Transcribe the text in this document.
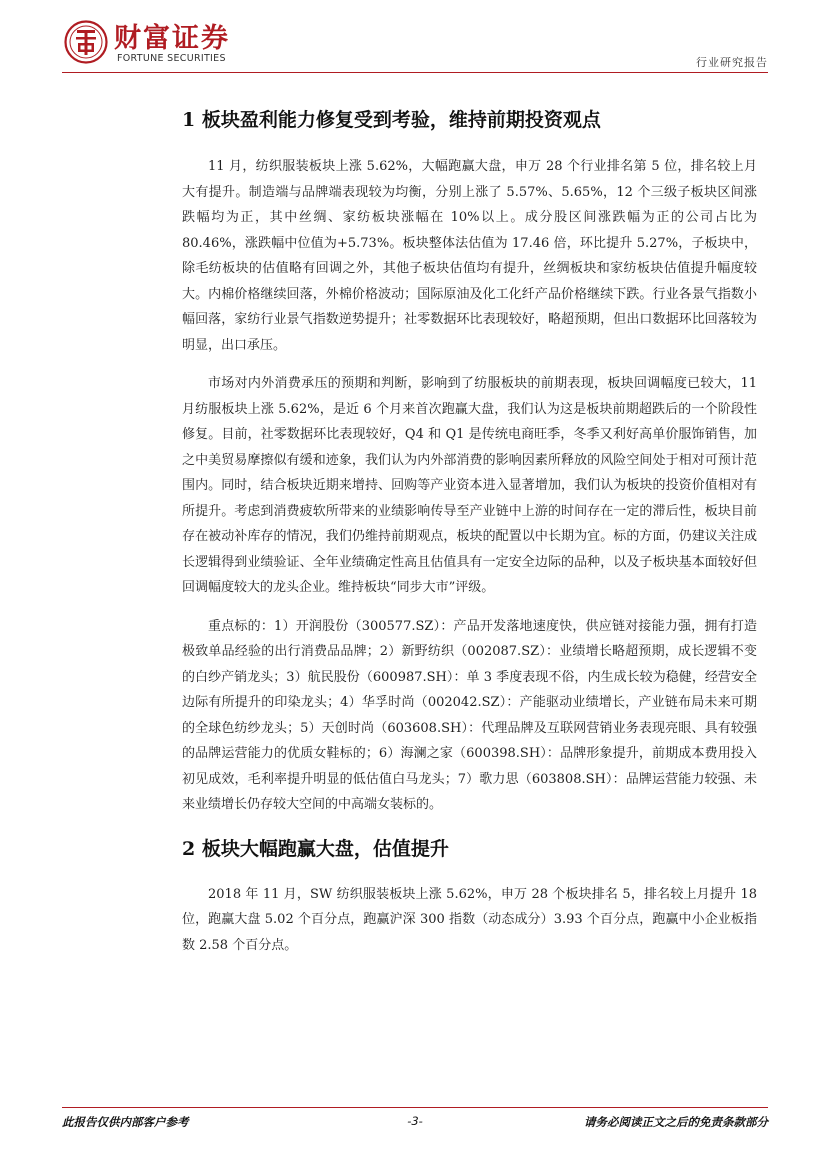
财富证券
FORTUNE SECURITIES	行业研究报告
1 板块盈利能力修复受到考验，维持前期投资观点

11 月，纺织服装板块上涨 5.62%，大幅跑赢大盘，申万 28 个行业排名第 5 位，排名较上月大有提升。制造端与品牌端表现较为均衡，分别上涨了 5.57%、5.65%，12 个三级子板块区间涨跌幅均为正，其中丝绸、家纺板块涨幅在 10%以上。成分股区间涨跌幅为正的公司占比为 80.46%，涨跌幅中位值为+5.73%。板块整体法估值为 17.46 倍，环比提升 5.27%，子板块中，除毛纺板块的估值略有回调之外，其他子板块估值均有提升，丝绸板块和家纺板块估值提升幅度较大。内棉价格继续回落，外棉价格波动；国际原油及化工化纤产品价格继续下跌。行业各景气指数小幅回落，家纺行业景气指数逆势提升；社零数据环比表现较好，略超预期，但出口数据环比回落较为明显，出口承压。

市场对内外消费承压的预期和判断，影响到了纺服板块的前期表现，板块回调幅度已较大，11 月纺服板块上涨 5.62%，是近 6 个月来首次跑赢大盘，我们认为这是板块前期超跌后的一个阶段性修复。目前，社零数据环比表现较好，Q4 和 Q1 是传统电商旺季，冬季又利好高单价服饰销售，加之中美贸易摩擦似有缓和迹象，我们认为内外部消费的影响因素所释放的风险空间处于相对可预计范围内。同时，结合板块近期来增持、回购等产业资本进入显著增加，我们认为板块的投资价值相对有所提升。考虑到消费疲软所带来的业绩影响传导至产业链中上游的时间存在一定的滞后性，板块目前存在被动补库存的情况，我们仍维持前期观点，板块的配置以中长期为宜。标的方面，仍建议关注成长逻辑得到业绩验证、全年业绩确定性高且估值具有一定安全边际的品种，以及子板块基本面较好但回调幅度较大的龙头企业。维持板块“同步大市”评级。

重点标的：1）开润股份（300577.SZ）：产品开发落地速度快，供应链对接能力强，拥有打造极致单品经验的出行消费品品牌；2）新野纺织（002087.SZ）：业绩增长略超预期，成长逻辑不变的白纱产销龙头；3）航民股份（600987.SH）：单 3 季度表现不俗，内生成长较为稳健，经营安全边际有所提升的印染龙头；4）华孚时尚（002042.SZ）：产能驱动业绩增长，产业链布局未来可期的全球色纺纱龙头；5）天创时尚（603608.SH）：代理品牌及互联网营销业务表现亮眼、具有较强的品牌运营能力的优质女鞋标的；6）海澜之家（600398.SH）：品牌形象提升，前期成本费用投入初见成效，毛利率提升明显的低估值白马龙头；7）歌力思（603808.SH）：品牌运营能力较强、未来业绩增长仍存较大空间的中高端女装标的。

2 板块大幅跑赢大盘，估值提升

2018 年 11 月，SW 纺织服装板块上涨 5.62%，申万 28 个板块排名 5，排名较上月提升 18 位，跑赢大盘 5.02 个百分点，跑赢沪深 300 指数（动态成分）3.93 个百分点，跑赢中小企业板指数 2.58 个百分点。

此报告仅供内部客户参考	-3-	请务必阅读正文之后的免责条款部分
